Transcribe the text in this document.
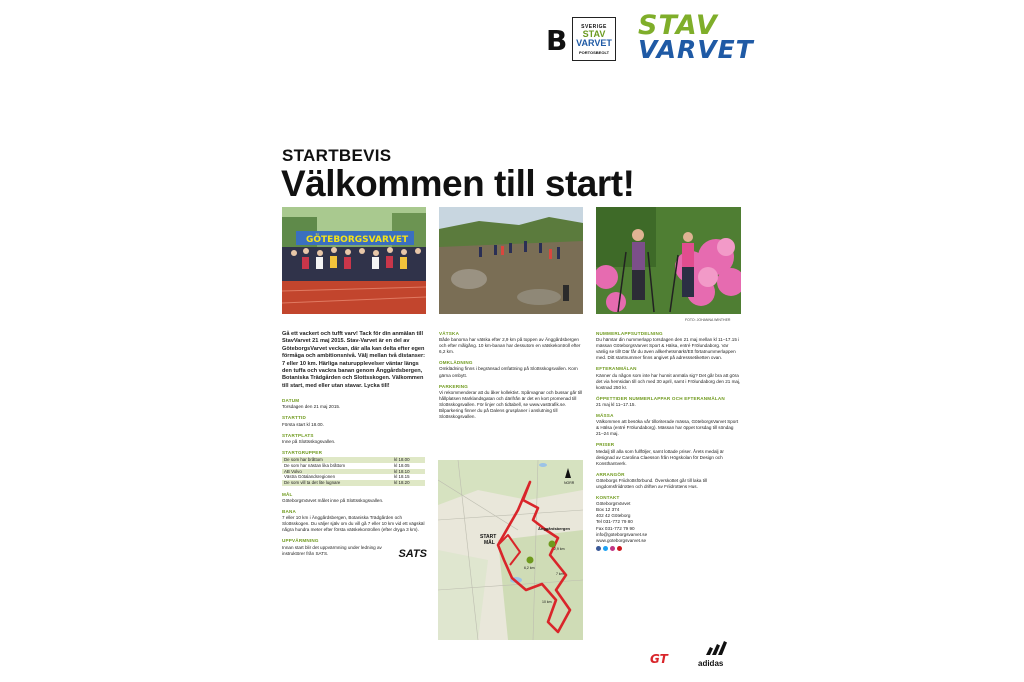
B	SVERIGE
STAV
VARVET
PORTOSBEOLT
STAV
VARVET
STARTBEVIS
Välkommen till start!
GÖTEBORGSVARVET
FOTO: JOHANNA WINTHER
Gå ett vackert och tufft varv! Tack för din anmälan till StavVarvet 21 maj 2015. Stav-Varvet är en del av GöteborgsVarvet veckan, där alla kan delta efter egen förmåga och ambitionsnivå. Välj mellan två distanser: 7 eller 10 km. Härliga naturupplevelser väntar längs den tuffa och vackra banan genom Änggårdsbergen, Botaniska Trädgården och Slottsskogen. Välkommen till start, med eller utan stavar. Lycka till!
DATUM

Torsdagen den 21 maj 2015.

STARTTID

Första start kl 18.00.

STARTPLATS

Inne på Slottsskogsvallen.

STARTGRUPPER
De som har bråttom	kl 18.00
De som har nästan lika bråttom	kl 18.05
AB Volvo	kl 18.10
Västra Götalandsregionen	kl 18.15
De som vill ta det lite lugnare	kl 18.20
MÅL

GöteborgsVarvet målet inne på Slottsskogsvallen.

BANA

7 eller 10 km i Änggårdsbergen, Botaniska Trädgården och Slottsskogen. Du väljer själv om du vill gå 7 eller 10 km vid ett vägskäl några hundra meter efter första vätskekontrollen (efter dryga 3 km).

UPPVÄRMNING

Innan start blir det uppvärmning under ledning av instruktörer från SATS.	SATS
VÄTSKA

Både banorna har vätska efter 2,9 km på toppen av Änggårdsbergen och efter målgång. 10 km-banan har dessutom en vätskekontroll efter 6,2 km.

OMKLÄDNING

Omklädning finns i begränsad omfattning på Slottsskogsvallen. Kom gärna ombytt.

PARKERING

Vi rekommenderar att du åker kollektivt. Spårvagnar och bussar går till hållplatsen Marklandsgatan och därifrån är det en kort promenad till Slottsskogsvallen. För linjer och tidtabell, se www.vasttrafik.se. Bilparkering finner du på Dalens grusplaner i anslutning till Slottsskogsvallen.

START
MÅL
Änggårdsbergen
2,9 km
7 km
10 km
6,2 km
NORR
NUMMERLAPPSUTDELNING

Du hämtar din nummerlapp torsdagen den 21 maj mellan kl 11–17.15 i mässan GöteborgsVarvet Sport & Hälsa, entré Frölundaborg. Var vänlig se till! Där får du även allkerhetsmärkt/Ett förtatnummerlappen med. Ditt startnummer finns angivet på adresssetiketten ovan.

EFTERANMÄLAN

Känner du någon som inte har hunnit anmäla sig? Det går bra att göra det via hemsidan till och med 30 april, samt i Frölundaborg den 21 maj, kostnad 250 kr.

ÖPPETTIDER NUMMERLAPPAR OCH EFTERANMÄLAN

21 maj kl 11–17.15.

MÄSSA

Välkommen att besöka vår tilloriterade mässa, GöteborgsVarvet Sport & Hälsa (entré Frölundaborg). Mässan har öppet torsdag till söndag 21–24 maj.

PRISER

Medalj till alla som fullföljer, samt lottade priser. Årets medalj är designad av Carolina Claesson från Högskolan för Design och Konsthantverk.

ARRANGÖR

Göteborgs Friidrottsförbund. Överskottet går till laka till ungdomsfriidrotten och driften av Friidrottens Hus.

KONTAKT
GöteborgsVarvet
Box 12 374
402 42 Göteborg
Tel 031-772 79 80
Fax 031-772 79 90
info@goteborgsvarvet.se
www.goteborgsvarvet.se
GT	adidas
